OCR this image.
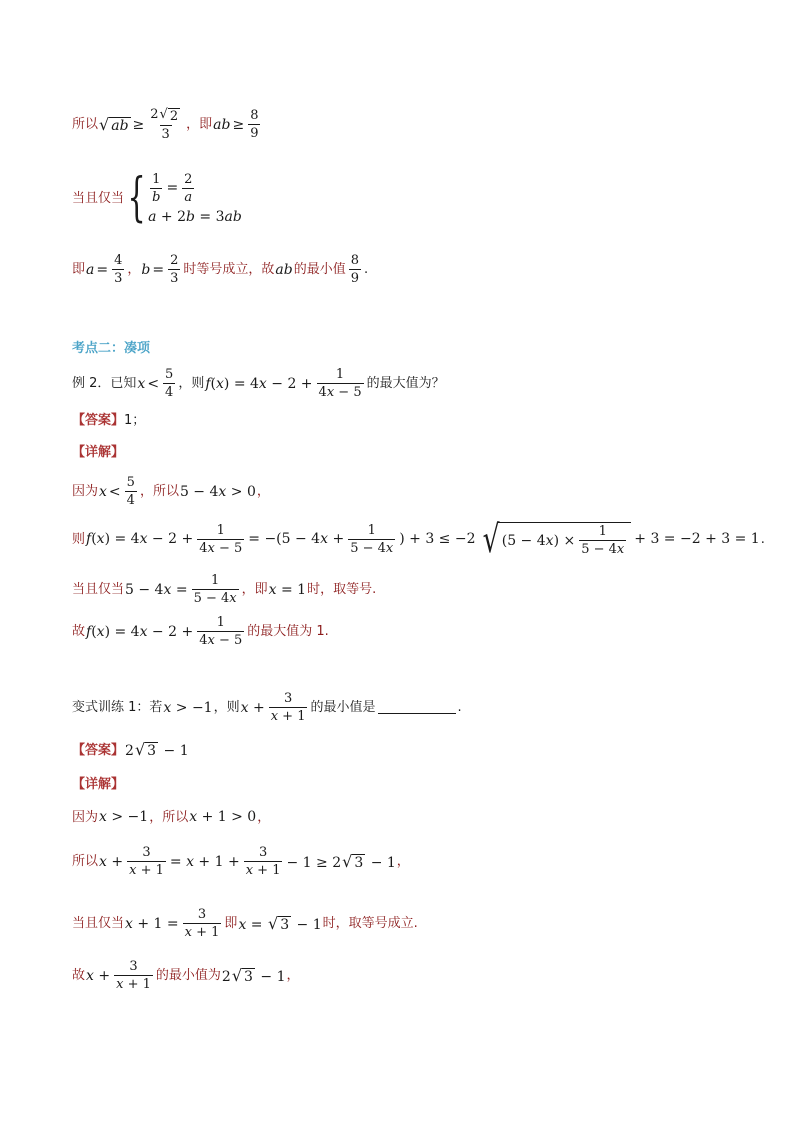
所以 √ ab ≥ $\frac{2 √ 2}{3}$ ，即 ab ≥ $\frac{8}{9}$
当且仅当 { $\frac{1}{b} = \frac{2}{a}$
a + 2b = 3ab
即 $a = \frac{4}{3}$ ， $b = \frac{2}{3}$ 时等号成立，故 ab 的最小值 $\frac{8}{9}$ .
考点二：凑项
例 2．已知 $x < \frac{5}{4}$ ，则 $f(x) = 4x - 2 + \frac{1}{4x - 5}$ 的最大值为？
【答案】 1；
【详解】
因为 $x < \frac{5}{4}$ ，所以 5 − 4x > 0 ，
则 $f(x) = 4x - 2 + \frac{1}{4x - 5} = -(5 - 4x + \frac{1}{5 - 4x}$ ) + 3 ≤ −2 √ $(5 - 4x) \times \frac{1}{5 - 4x} + 3 = -2 + 3 = 1$ .
当且仅当 $5 - 4x = \frac{1}{5 - 4x}$ ，即 x = 1 时，取等号.
故 $f(x) = 4x - 2 + \frac{1}{4x - 5}$ 的最大值为 1.
变式训练 1：若 x > −1 ，则 $x + \frac{3}{x + 1}$ 的最小值是	.
【答案】 2 √ 3 − 1
【详解】
因为 x > −1 ，所以 x + 1 > 0 ，
所以 $x + \frac{3}{x + 1} = x + 1 + \frac{3}{x + 1} - 1 \ge 2$ √ 3 − 1 ，
当且仅当 $x + 1 = \frac{3}{x + 1}$ 即 x = √ 3 − 1 时，取等号成立.
故 $x + \frac{3}{x + 1}$ 的最小值为 2 √ 3 − 1 ，
